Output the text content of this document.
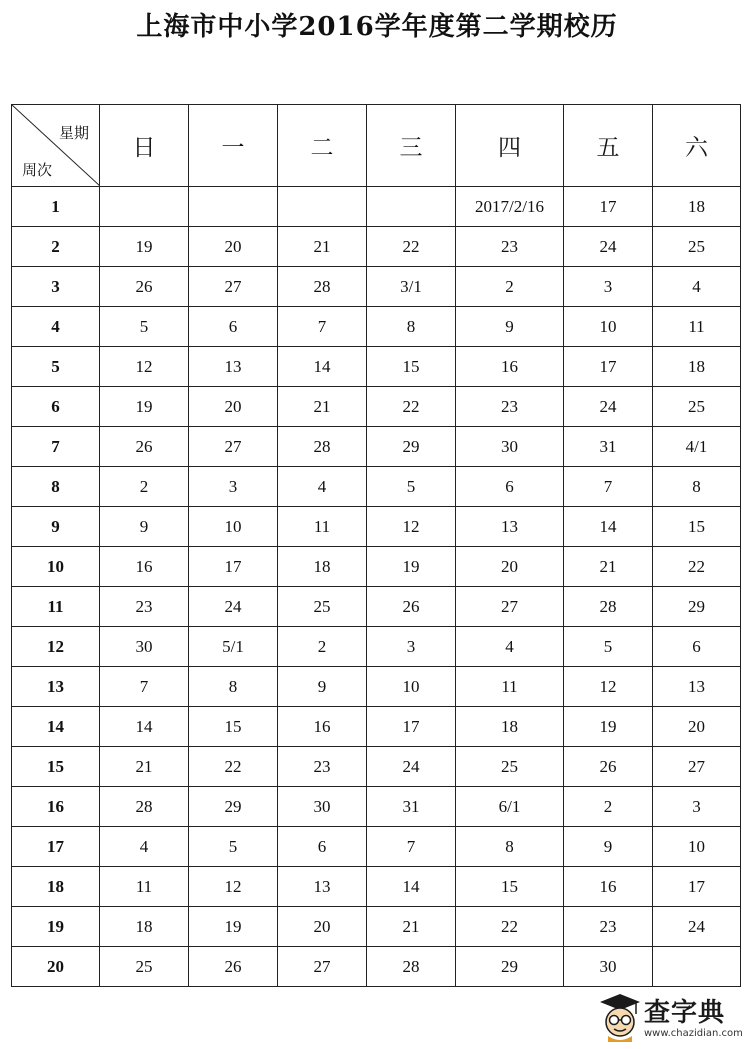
上海市中小学2016学年度第二学期校历
星期
周次	日	一	二	三	四	五	六
1					2017/2/16	17	18
2	19	20	21	22	23	24	25
3	26	27	28	3/1	2	3	4
4	5	6	7	8	9	10	11
5	12	13	14	15	16	17	18
6	19	20	21	22	23	24	25
7	26	27	28	29	30	31	4/1
8	2	3	4	5	6	7	8
9	9	10	11	12	13	14	15
10	16	17	18	19	20	21	22
11	23	24	25	26	27	28	29
12	30	5/1	2	3	4	5	6
13	7	8	9	10	11	12	13
14	14	15	16	17	18	19	20
15	21	22	23	24	25	26	27
16	28	29	30	31	6/1	2	3
17	4	5	6	7	8	9	10
18	11	12	13	14	15	16	17
19	18	19	20	21	22	23	24
20	25	26	27	28	29	30	
查字典
www.chazidian.com
